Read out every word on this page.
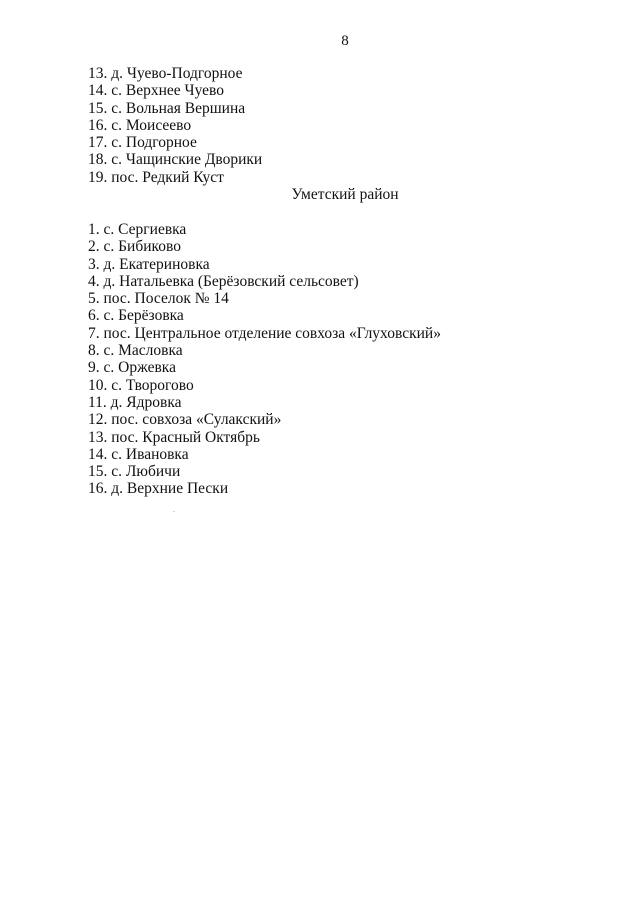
8
13. д. Чуево-Подгорное
14. с. Верхнее Чуево
15. с. Вольная Вершина
16. с. Моисеево
17. с. Подгорное
18. с. Чащинские Дворики
19. пос. Редкий Куст
Уметский район
1. с. Сергиевка
2. с. Бибиково
3. д. Екатериновка
4. д. Натальевка (Берёзовский сельсовет)
5. пос. Поселок № 14
6. с. Берёзовка
7. пос. Центральное отделение совхоза «Глуховский»
8. с. Масловка
9. с. Оржевка
10. с. Творогово
11. д. Ядровка
12. пос. совхоза «Сулакский»
13. пос. Красный Октябрь
14. с. Ивановка
15. с. Любичи
16. д. Верхние Пески
